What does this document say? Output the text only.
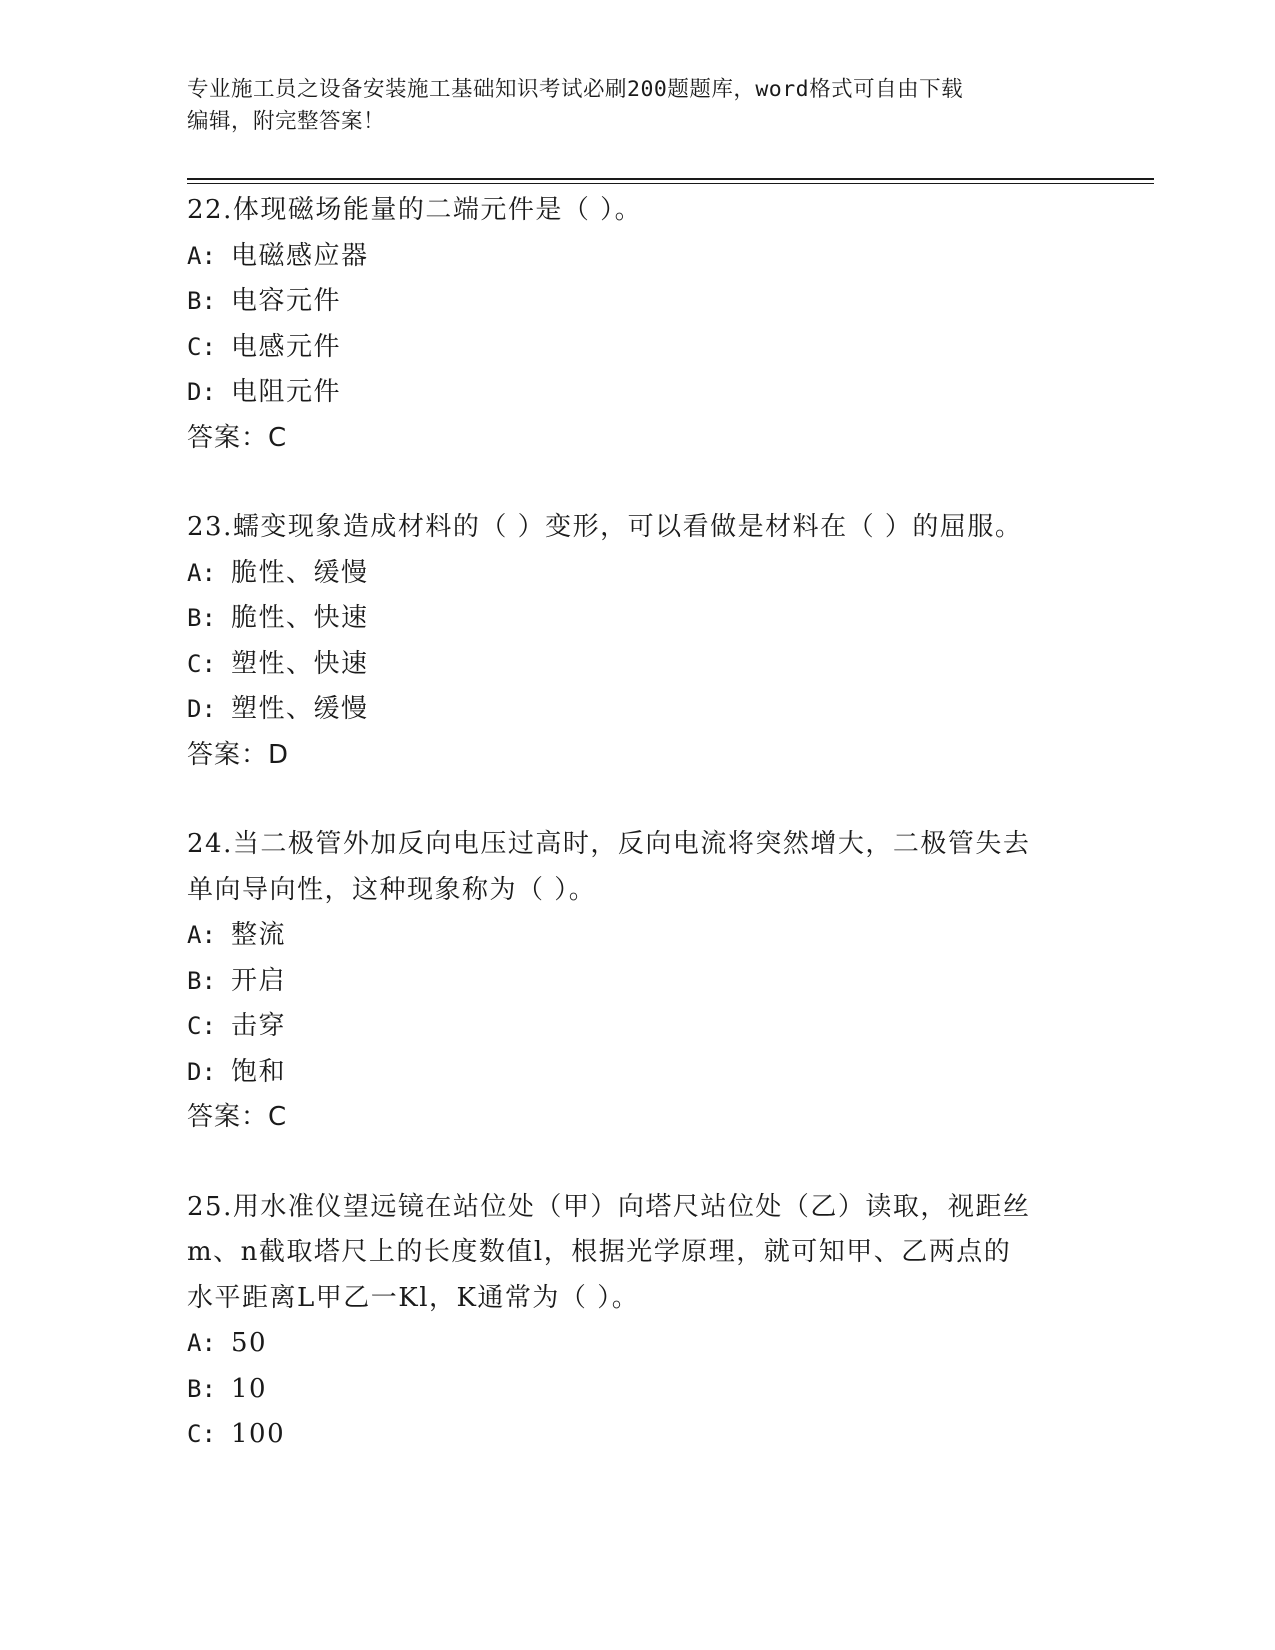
专业施工员之设备安装施工基础知识考试必刷200题题库，word格式可自由下载
编辑，附完整答案！
22.体现磁场能量的二端元件是（ ）。
A: 电磁感应器
B: 电容元件
C: 电感元件
D: 电阻元件
答案：C
23.蠕变现象造成材料的（ ）变形，可以看做是材料在（ ）的屈服。
A: 脆性、缓慢
B: 脆性、快速
C: 塑性、快速
D: 塑性、缓慢
答案：D
24.当二极管外加反向电压过高时，反向电流将突然增大，二极管失去
单向导向性，这种现象称为（ ）。
A: 整流
B: 开启
C: 击穿
D: 饱和
答案：C
25.用水准仪望远镜在站位处（甲）向塔尺站位处（乙）读取，视距丝
m、n截取塔尺上的长度数值l，根据光学原理，就可知甲、乙两点的
水平距离L甲乙一Kl，K通常为（ ）。
A: 50
B: 10
C: 100
